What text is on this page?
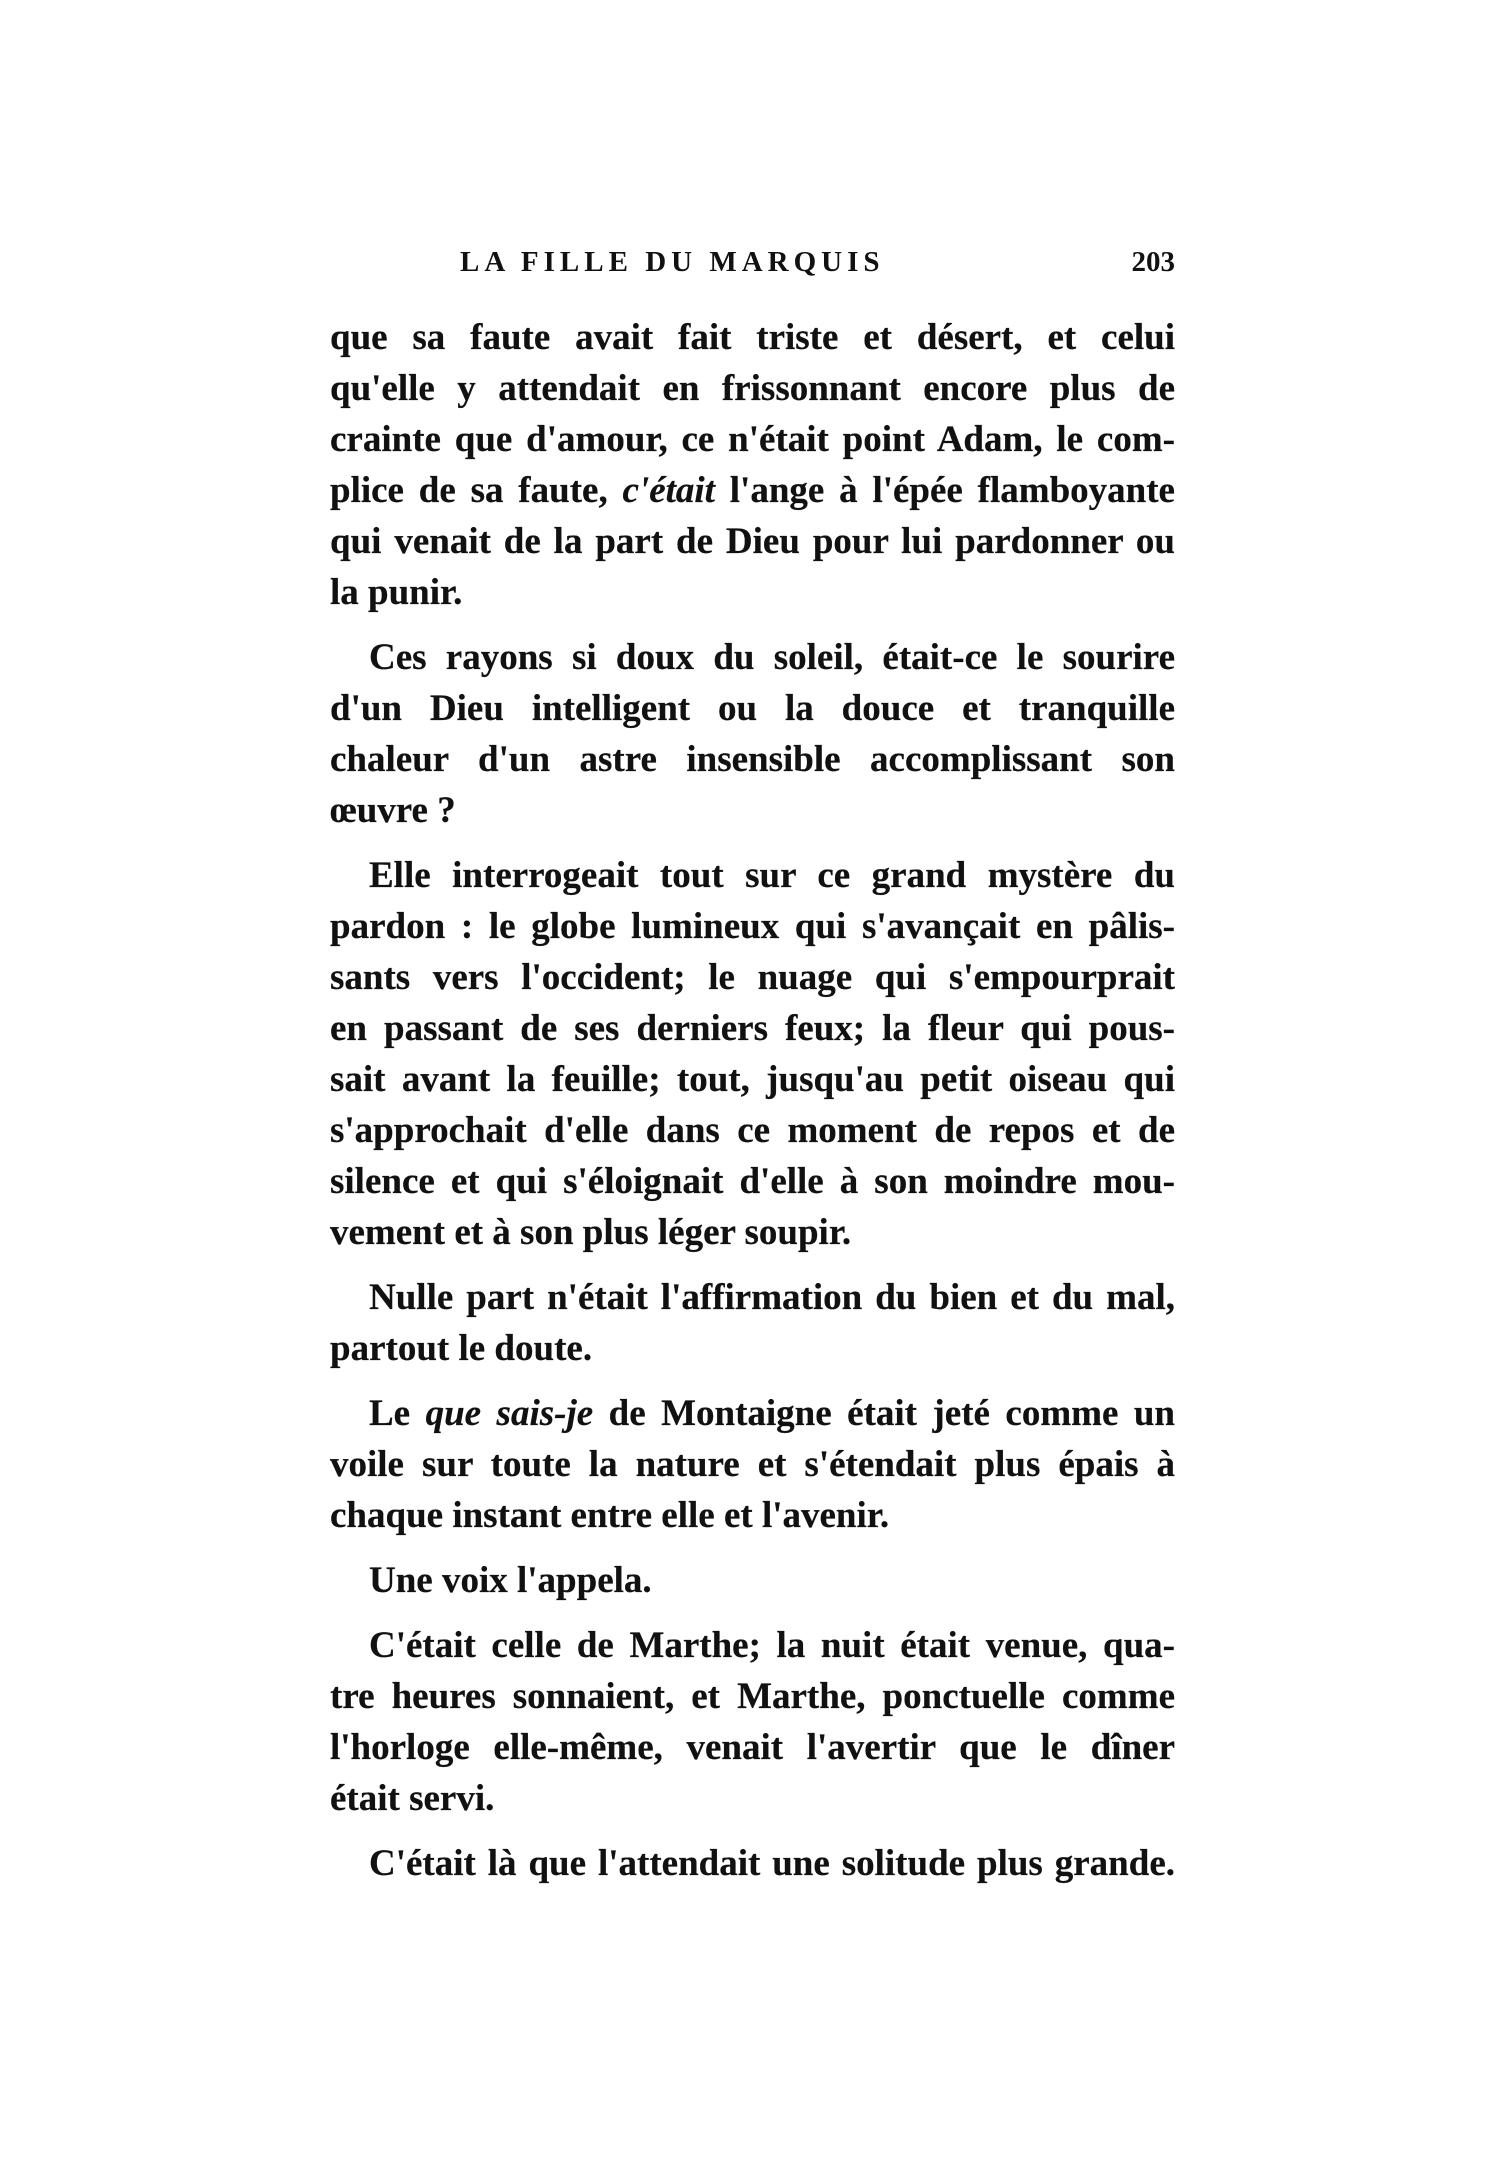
LA FILLE DU MARQUIS	203
que sa faute avait fait triste et désert, et celui
qu'elle y attendait en frissonnant encore plus de
crainte que d'amour, ce n'était point Adam, le com-
plice de sa faute, c'était l'ange à l'épée flamboyante
qui venait de la part de Dieu pour lui pardonner ou
la punir.
Ces rayons si doux du soleil, était-ce le sourire
d'un Dieu intelligent ou la douce et tranquille
chaleur d'un astre insensible accomplissant son
œuvre ?
Elle interrogeait tout sur ce grand mystère du
pardon : le globe lumineux qui s'avançait en pâlis-
sants vers l'occident; le nuage qui s'empourprait
en passant de ses derniers feux; la fleur qui pous-
sait avant la feuille; tout, jusqu'au petit oiseau qui
s'approchait d'elle dans ce moment de repos et de
silence et qui s'éloignait d'elle à son moindre mou-
vement et à son plus léger soupir.
Nulle part n'était l'affirmation du bien et du mal,
partout le doute.
Le que sais-je de Montaigne était jeté comme un
voile sur toute la nature et s'étendait plus épais à
chaque instant entre elle et l'avenir.
Une voix l'appela.
C'était celle de Marthe; la nuit était venue, qua-
tre heures sonnaient, et Marthe, ponctuelle comme
l'horloge elle-même, venait l'avertir que le dîner
était servi.
C'était là que l'attendait une solitude plus grande.
